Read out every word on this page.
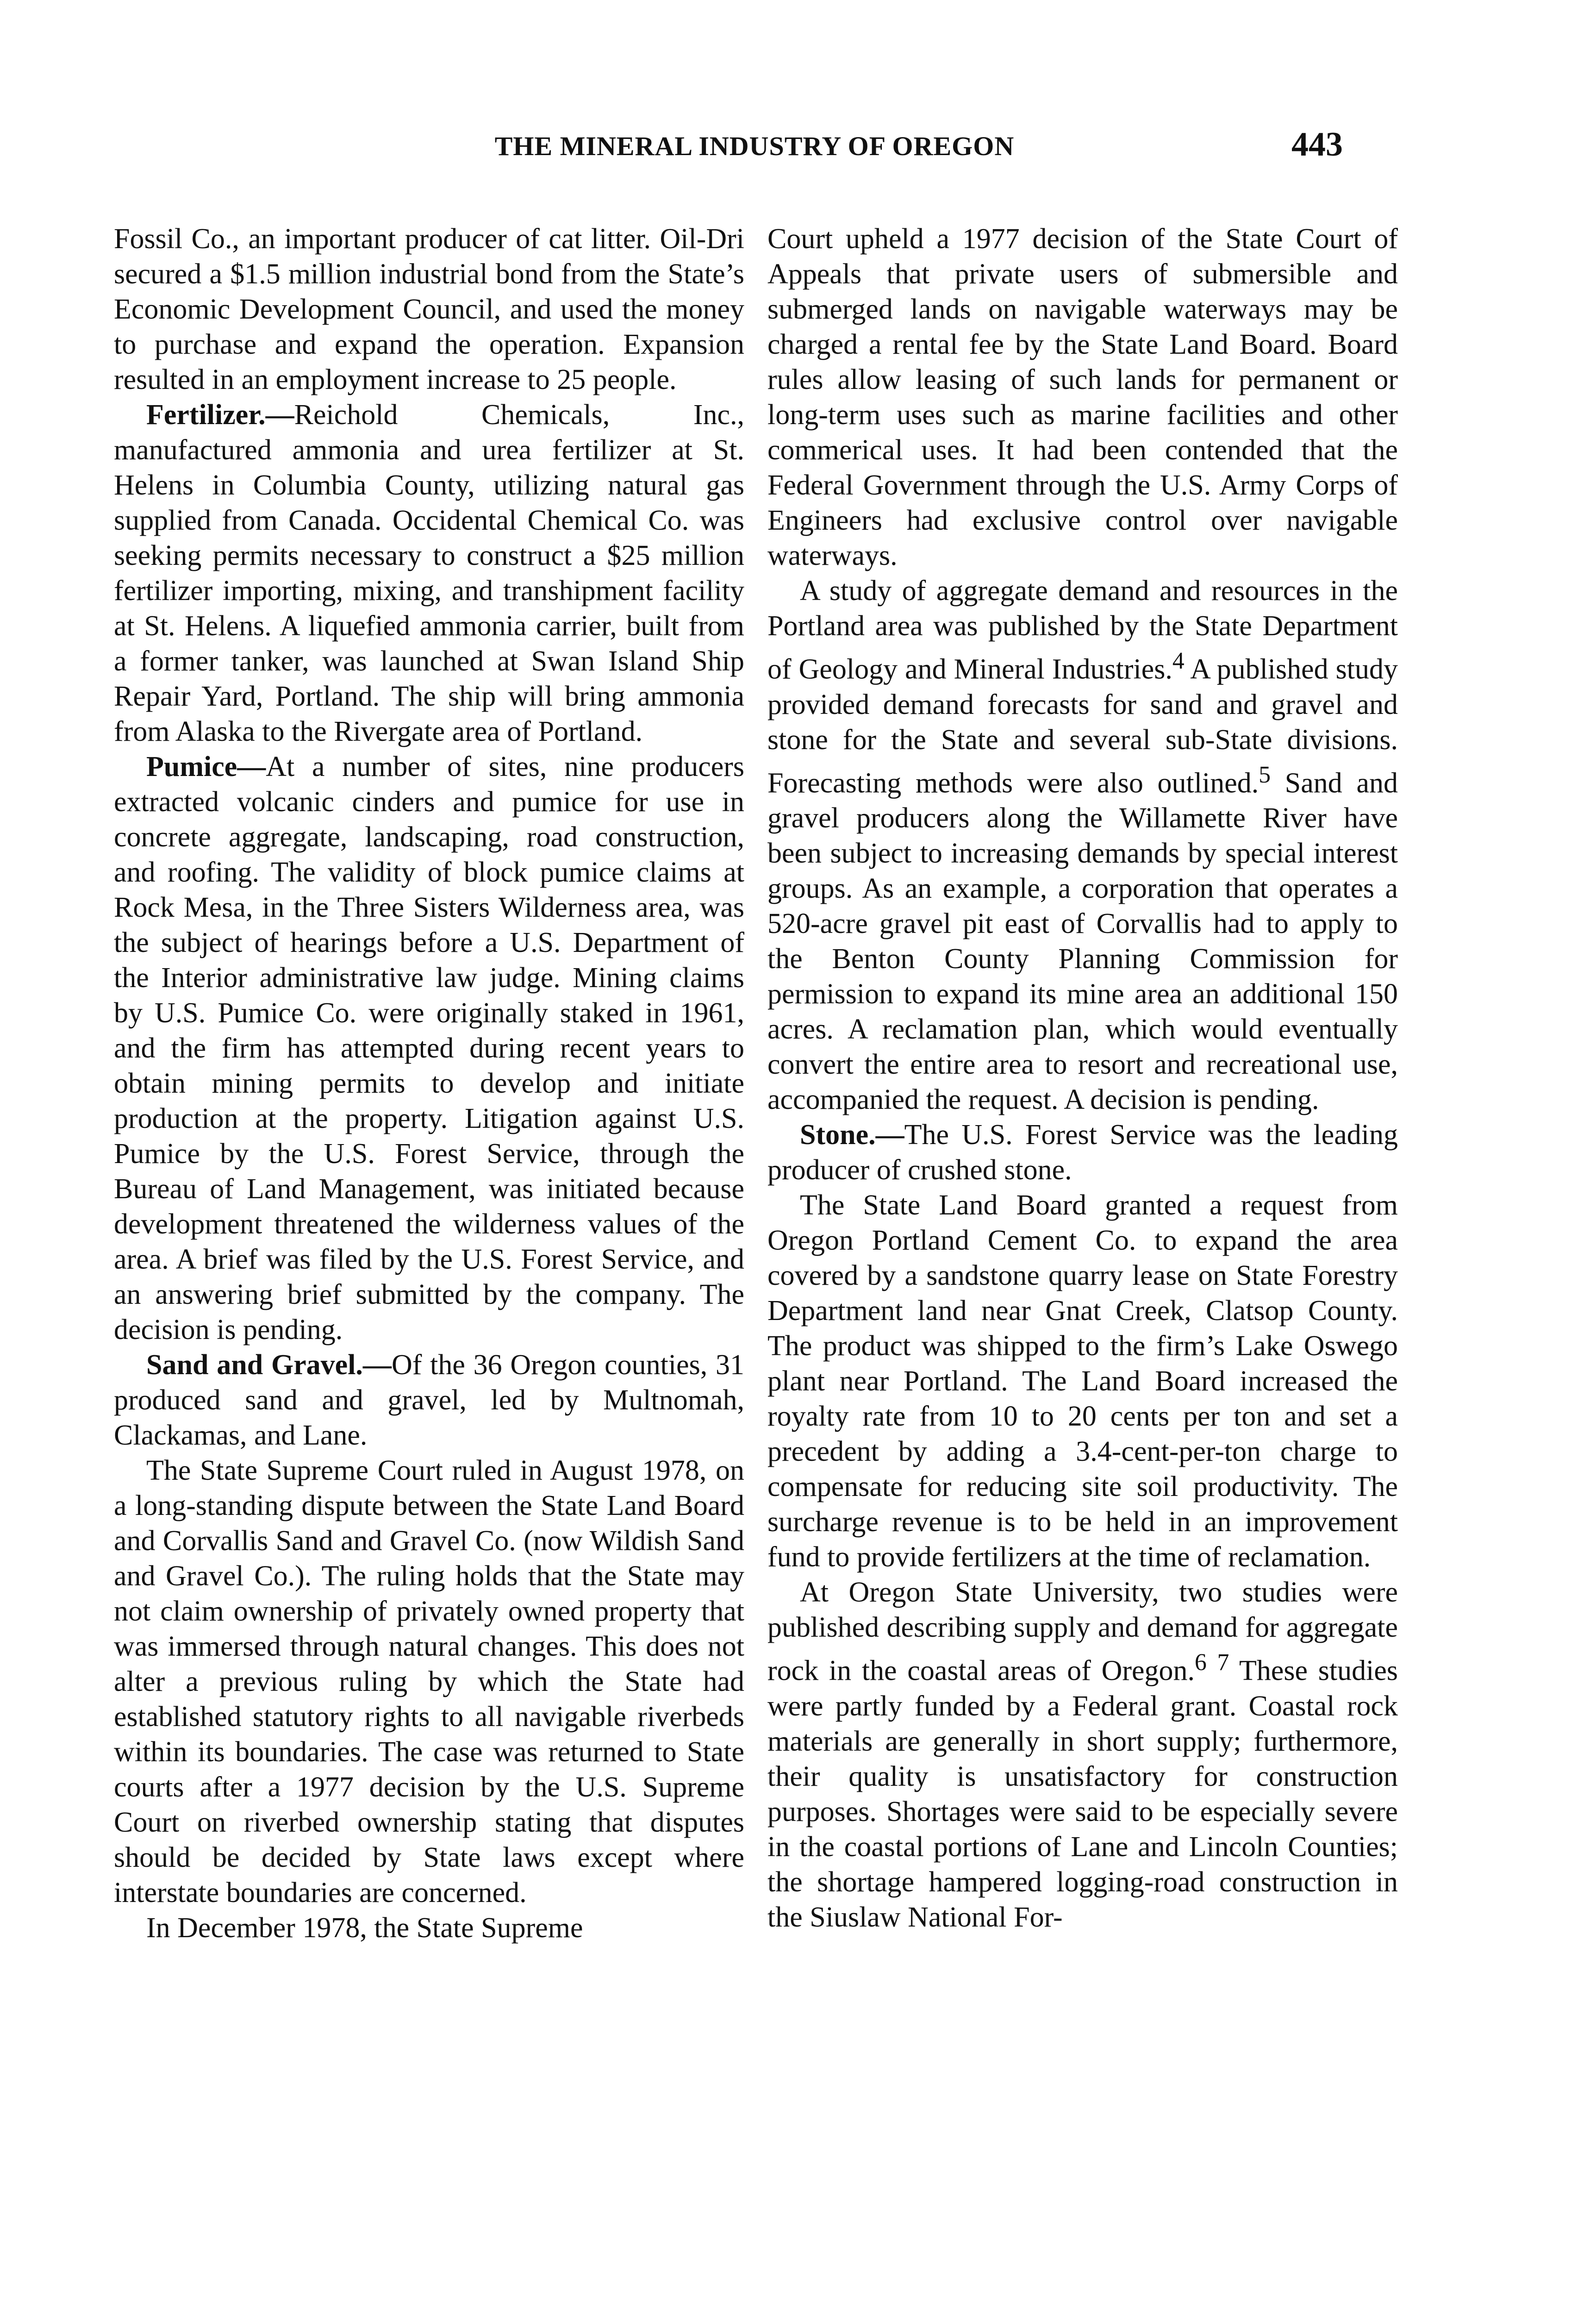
THE MINERAL INDUSTRY OF OREGON	443

Fossil Co., an important producer of cat litter. Oil-Dri secured a $1.5 million industrial bond from the State’s Economic Development Council, and used the money to purchase and expand the operation. Expansion resulted in an employment increase to 25 people.

Fertilizer.—Reichold Chemicals, Inc., manufactured ammonia and urea fertilizer at St. Helens in Columbia County, utilizing natural gas supplied from Canada. Occidental Chemical Co. was seeking permits necessary to construct a $25 million fertilizer importing, mixing, and transhipment facility at St. Helens. A liquefied ammonia carrier, built from a former tanker, was launched at Swan Island Ship Repair Yard, Portland. The ship will bring ammonia from Alaska to the Rivergate area of Portland.

Pumice—At a number of sites, nine producers extracted volcanic cinders and pumice for use in concrete aggregate, landscaping, road construction, and roofing. The validity of block pumice claims at Rock Mesa, in the Three Sisters Wilderness area, was the subject of hearings before a U.S. Department of the Interior administrative law judge. Mining claims by U.S. Pumice Co. were originally staked in 1961, and the firm has attempted during recent years to obtain mining permits to develop and initiate production at the property. Litigation against U.S. Pumice by the U.S. Forest Service, through the Bureau of Land Management, was initiated because development threatened the wilderness values of the area. A brief was filed by the U.S. Forest Service, and an answering brief submitted by the company. The decision is pending.

Sand and Gravel.—Of the 36 Oregon counties, 31 produced sand and gravel, led by Multnomah, Clackamas, and Lane.

The State Supreme Court ruled in August 1978, on a long-standing dispute between the State Land Board and Corvallis Sand and Gravel Co. (now Wildish Sand and Gravel Co.). The ruling holds that the State may not claim ownership of privately owned property that was immersed through natural changes. This does not alter a previous ruling by which the State had established statutory rights to all navigable riverbeds within its boundaries. The case was returned to State courts after a 1977 decision by the U.S. Supreme Court on riverbed ownership stating that disputes should be decided by State laws except where interstate boundaries are concerned.

In December 1978, the State Supreme

Court upheld a 1977 decision of the State Court of Appeals that private users of submersible and submerged lands on navigable waterways may be charged a rental fee by the State Land Board. Board rules allow leasing of such lands for permanent or long-term uses such as marine facilities and other commerical uses. It had been contended that the Federal Government through the U.S. Army Corps of Engineers had exclusive control over navigable waterways.

A study of aggregate demand and resources in the Portland area was published by the State Department of Geology and Mineral Industries.$^4$ A published study provided demand forecasts for sand and gravel and stone for the State and several sub-State divisions. Forecasting methods were also outlined.$^5$ Sand and gravel producers along the Willamette River have been subject to increasing demands by special interest groups. As an example, a corporation that operates a 520-acre gravel pit east of Corvallis had to apply to the Benton County Planning Commission for permission to expand its mine area an additional 150 acres. A reclamation plan, which would eventually convert the entire area to resort and recreational use, accompanied the request. A decision is pending.

Stone.—The U.S. Forest Service was the leading producer of crushed stone.

The State Land Board granted a request from Oregon Portland Cement Co. to expand the area covered by a sandstone quarry lease on State Forestry Department land near Gnat Creek, Clatsop County. The product was shipped to the firm’s Lake Oswego plant near Portland. The Land Board increased the royalty rate from 10 to 20 cents per ton and set a precedent by adding a 3.4-cent-per-ton charge to compensate for reducing site soil productivity. The surcharge revenue is to be held in an improvement fund to provide fertilizers at the time of reclamation.

At Oregon State University, two studies were published describing supply and demand for aggregate rock in the coastal areas of Oregon.$^6$ $^7$ These studies were partly funded by a Federal grant. Coastal rock materials are generally in short supply; furthermore, their quality is unsatisfactory for construction purposes. Shortages were said to be especially severe in the coastal portions of Lane and Lincoln Counties; the shortage hampered logging-road construction in the Siuslaw National For-
